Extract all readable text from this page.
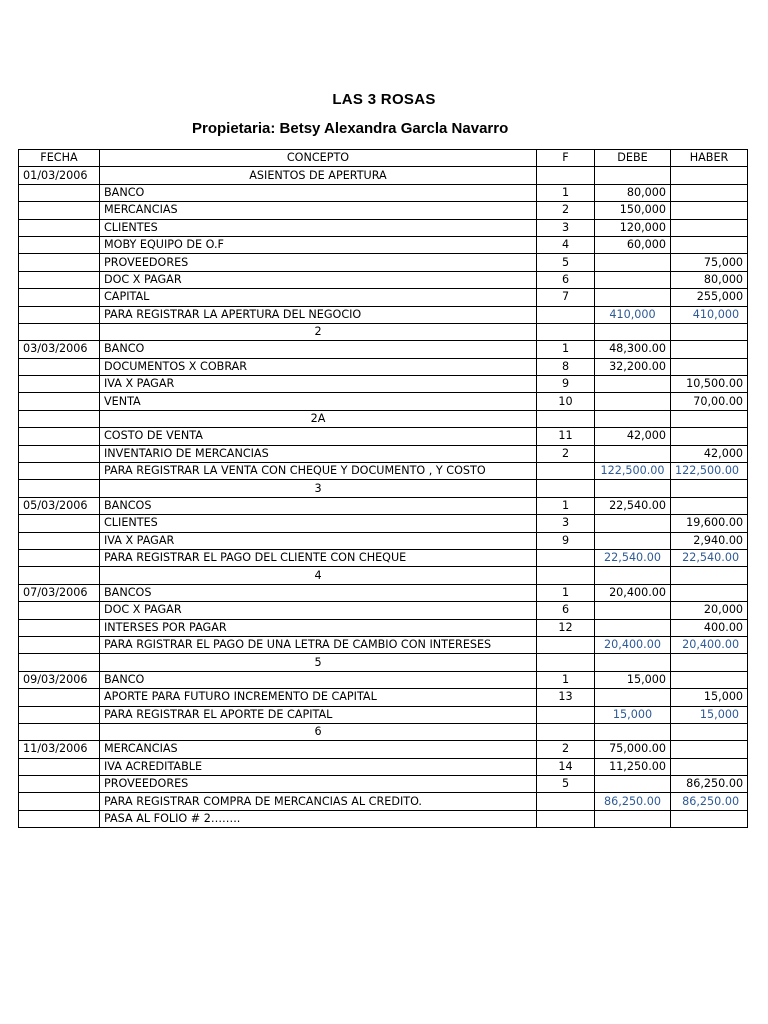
LAS 3 ROSAS
Propietaria: Betsy Alexandra Garcla Navarro
FECHA	CONCEPTO	F	DEBE	HABER
01/03/2006	ASIENTOS DE APERTURA			
	BANCO	1	80,000	
	MERCANCIAS	2	150,000	
	CLIENTES	3	120,000	
	MOBY EQUIPO DE O.F	4	60,000	
	PROVEEDORES	5		75,000
	DOC X PAGAR	6		80,000
	CAPITAL	7		255,000
	PARA REGISTRAR LA APERTURA DEL NEGOCIO		410,000	410,000
	2			
03/03/2006	BANCO	1	48,300.00	
	DOCUMENTOS X COBRAR	8	32,200.00	
	IVA X PAGAR	9		10,500.00
	VENTA	10		70,00.00
	2A			
	COSTO DE VENTA	11	42,000	
	INVENTARIO DE MERCANCIAS	2		42,000
	PARA REGISTRAR LA VENTA CON CHEQUE Y DOCUMENTO , Y COSTO		122,500.00	122,500.00
	3			
05/03/2006	BANCOS	1	22,540.00	
	CLIENTES	3		19,600.00
	IVA X PAGAR	9		2,940.00
	PARA REGISTRAR EL PAGO DEL CLIENTE CON CHEQUE		22,540.00	22,540.00
	4			
07/03/2006	BANCOS	1	20,400.00	
	DOC X PAGAR	6		20,000
	INTERSES POR PAGAR	12		400.00
	PARA RGISTRAR EL PAGO DE UNA LETRA DE CAMBIO CON INTERESES		20,400.00	20,400.00
	5			
09/03/2006	BANCO	1	15,000	
	APORTE PARA FUTURO INCREMENTO DE CAPITAL	13		15,000
	PARA REGISTRAR EL APORTE DE CAPITAL		15,000	15,000
	6			
11/03/2006	MERCANCIAS	2	75,000.00	
	IVA ACREDITABLE	14	11,250.00	
	PROVEEDORES	5		86,250.00
	PARA REGISTRAR COMPRA DE MERCANCIAS AL CREDITO.		86,250.00	86,250.00
	PASA AL FOLIO # 2……..			
